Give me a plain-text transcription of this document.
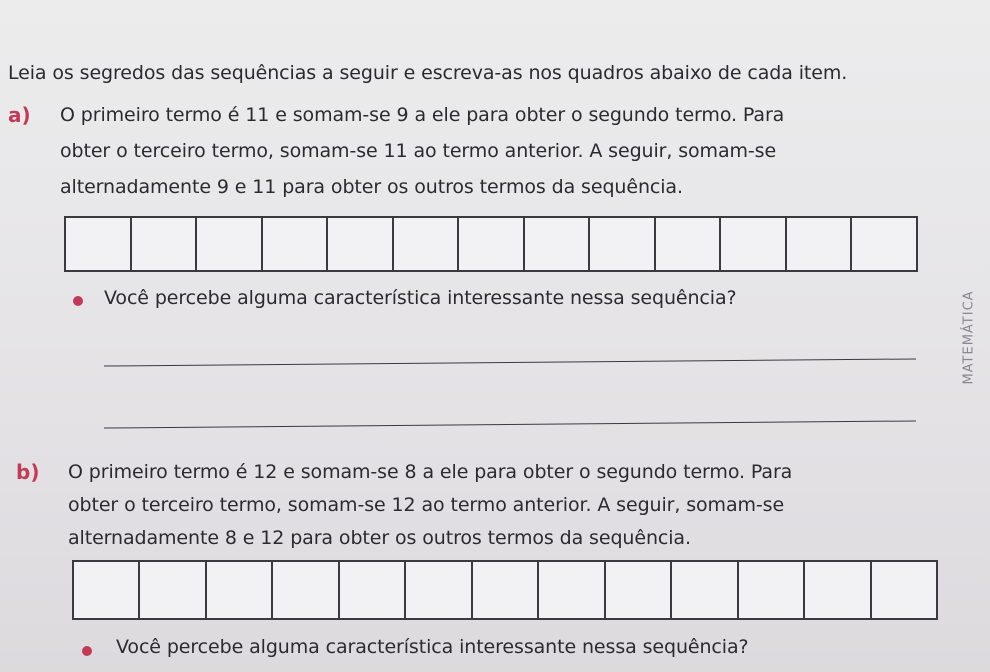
Leia os segredos das sequências a seguir e escreva-as nos quadros abaixo de cada item.
a) O primeiro termo é 11 e somam-se 9 a ele para obter o segundo termo. Para
obter o terceiro termo, somam-se 11 ao termo anterior. A seguir, somam-se
alternadamente 9 e 11 para obter os outros termos da sequência.
Você percebe alguma característica interessante nessa sequência?	MATEMÁTICA
b) O primeiro termo é 12 e somam-se 8 a ele para obter o segundo termo. Para
obter o terceiro termo, somam-se 12 ao termo anterior. A seguir, somam-se
alternadamente 8 e 12 para obter os outros termos da sequência.
Você percebe alguma característica interessante nessa sequência?
